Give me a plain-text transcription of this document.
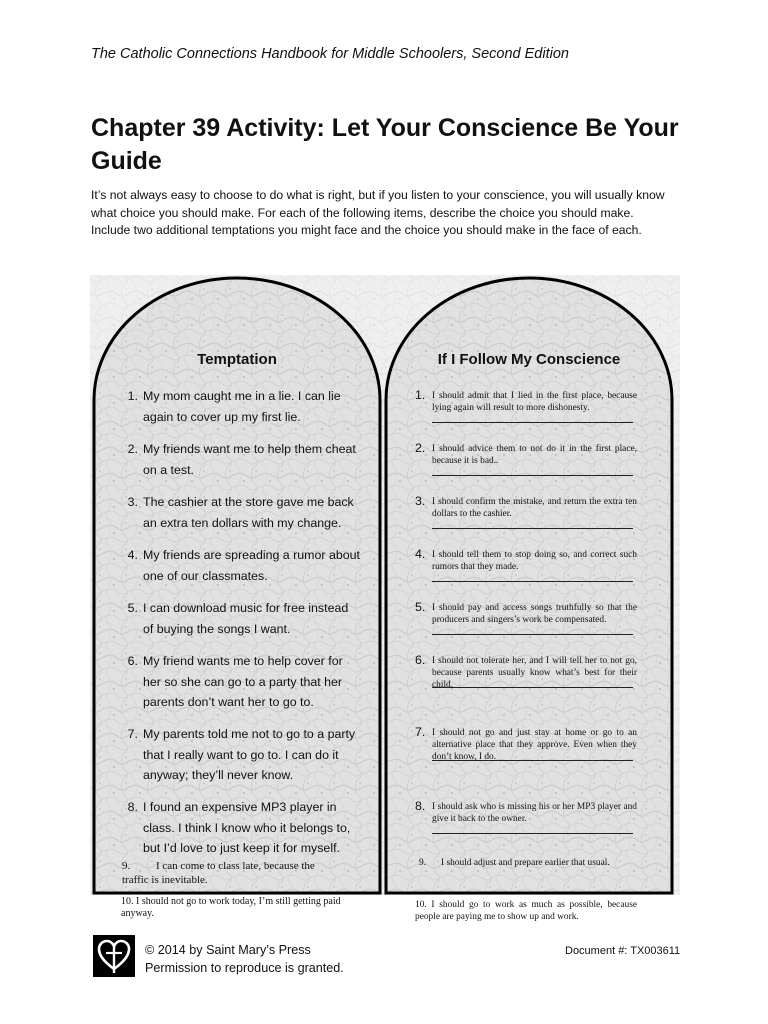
The Catholic Connections Handbook for Middle Schoolers, Second Edition
Chapter 39 Activity: Let Your Conscience Be Your Guide

It’s not always easy to choose to do what is right, but if you listen to your conscience, you will usually know what choice you should make. For each of the following items, describe the choice you should make. Include two additional temptations you might face and the choice you should make in the face of each.

Temptation	If I Follow My Conscience
1. My mom caught me in a lie. I can lie again to cover up my first lie.
2. My friends want me to help them cheat on a test.
3. The cashier at the store gave me back an extra ten dollars with my change.
4. My friends are spreading a rumor about one of our classmates.
5. I can download music for free instead of buying the songs I want.
6. My friend wants me to help cover for her so she can go to a party that her parents don’t want her to go to.
7. My parents told me not to go to a party that I really want to go to. I can do it anyway; they’ll never know.
8. I found an expensive MP3 player in class. I think I know who it belongs to, but I’d love to just keep it for myself.
9.	I can come to class late, because the traffic is inevitable.
10. I should not go to work today, I’m still getting paid anyway.
1. I should admit that I lied in the first place, because lying again will result to more dishonesty.
2. I should advice them to not do it in the first place, because it is bad..
3. I should confirm the mistake, and return the extra ten dollars to the cashier.
4. I should tell them to stop doing so, and correct such rumors that they made.
5. I should pay and access songs truthfully so that the producers and singers’s work be compensated.
6. I should not tolerate her, and I will tell her to not go, because parents usually know what’s best for their child.
7. I should not go and just stay at home or go to an alternative place that they approve. Even when they don’t know, I do.
8. I should ask who is missing his or her MP3 player and give it back to the owner.
9. I should adjust and prepare earlier that usual.
10. I should go to work as much as possible, because people are paying me to show up and work.
© 2014 by Saint Mary’s Press
Permission to reproduce is granted.
Document #: TX003611
